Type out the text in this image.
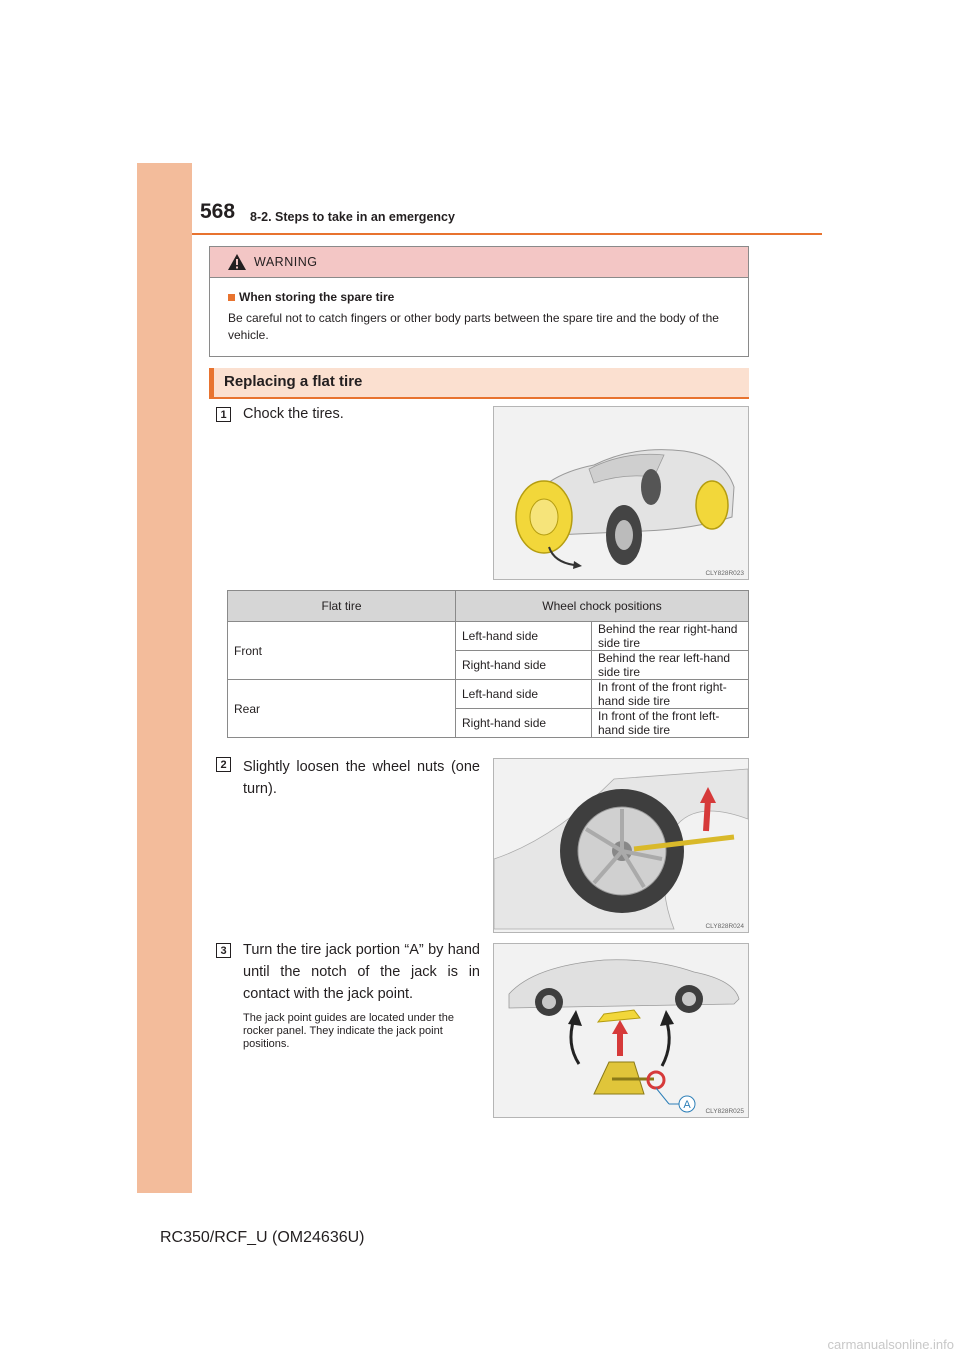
568 8-2. Steps to take in an emergency
WARNING
When storing the spare tire
Be careful not to catch fingers or other body parts between the spare tire and the body of the vehicle.
Replacing a flat tire
1	Chock the tires.
CLY828R023
Flat tire	Wheel chock positions	
Front	Left-hand side	Behind the rear right-hand side tire
	Right-hand side	Behind the rear left-hand side tire
Rear	Left-hand side	In front of the front right-hand side tire
	Right-hand side	In front of the front left-hand side tire
2	Slightly loosen the wheel nuts (one turn).
CLY828R024
3	Turn the tire jack portion “A” by hand until the notch of the jack is in contact with the jack point.
The jack point guides are located under the rocker panel. They indicate the jack point positions.
A
CLY828R025
RC350/RCF_U (OM24636U)
carmanualsonline.info
